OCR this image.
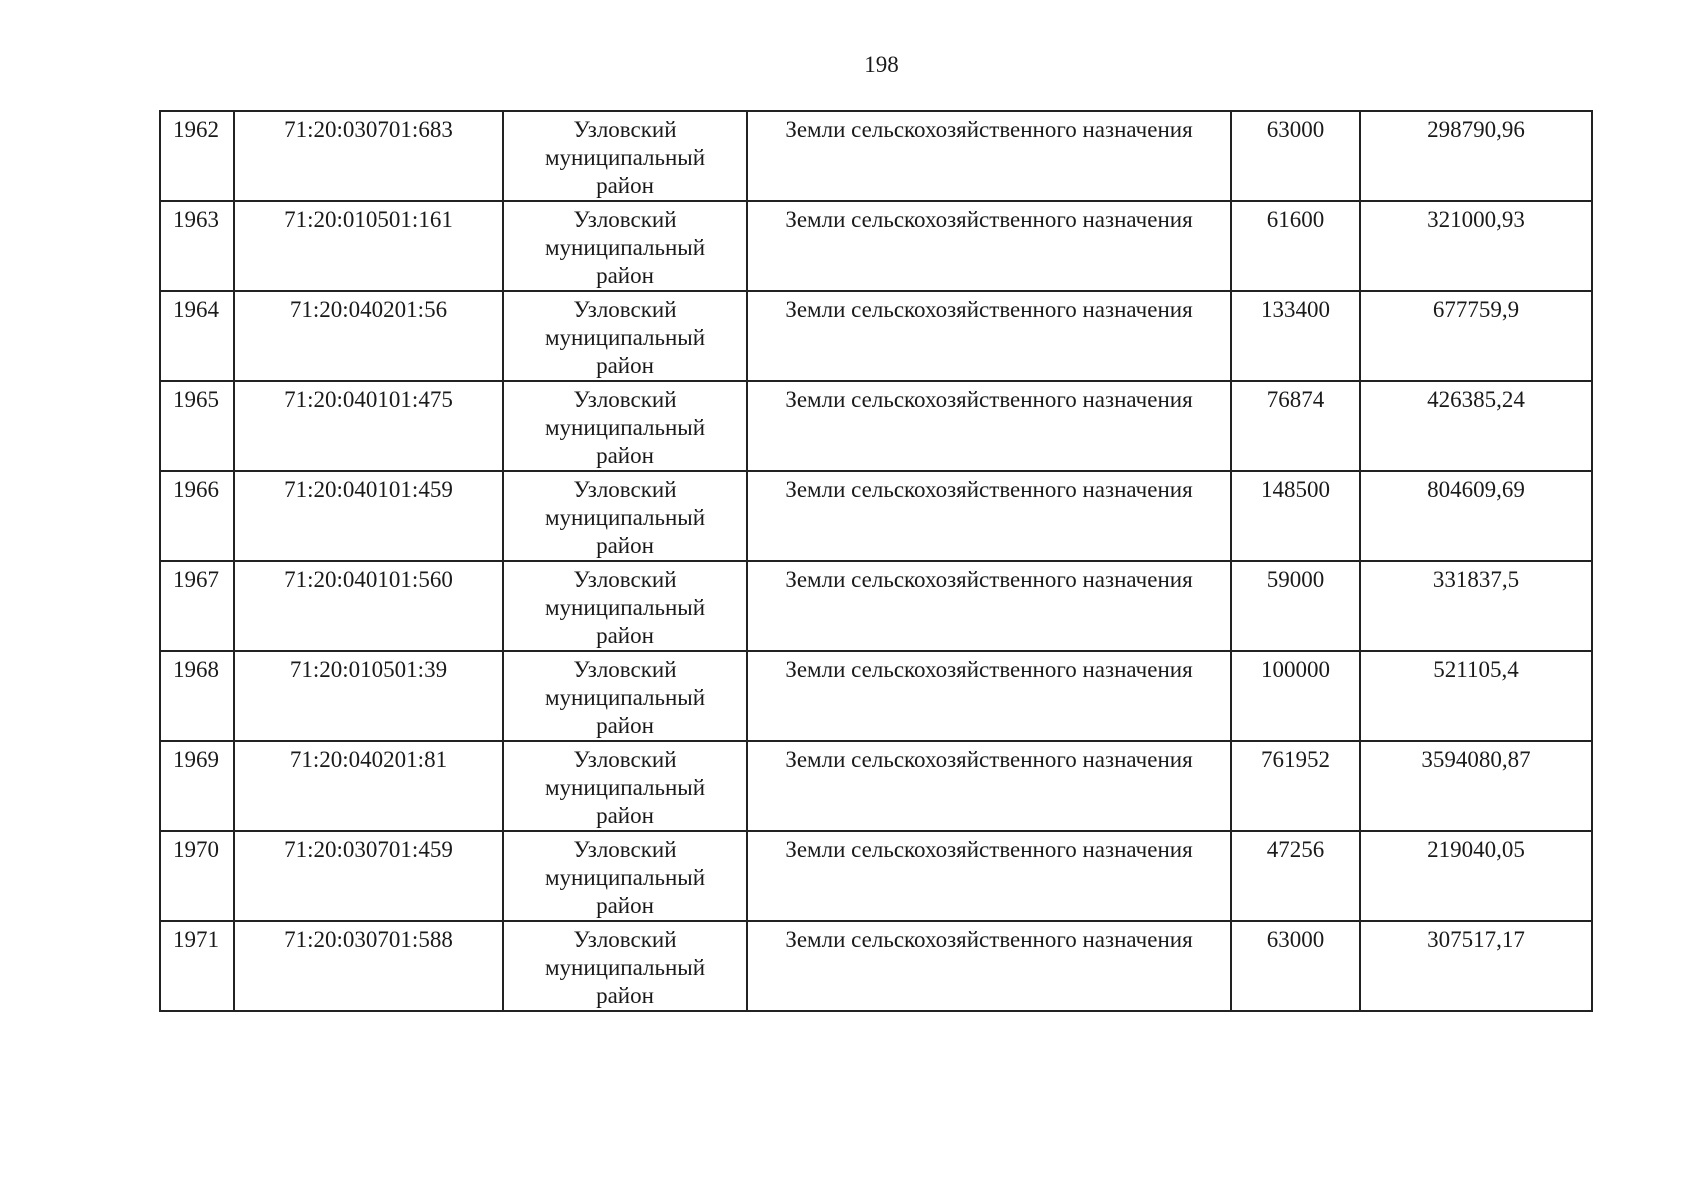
198
1962	71:20:030701:683	Узловский
муниципальный
район	Земли сельскохозяйственного назначения	63000	298790,96
1963	71:20:010501:161	Узловский
муниципальный
район	Земли сельскохозяйственного назначения	61600	321000,93
1964	71:20:040201:56	Узловский
муниципальный
район	Земли сельскохозяйственного назначения	133400	677759,9
1965	71:20:040101:475	Узловский
муниципальный
район	Земли сельскохозяйственного назначения	76874	426385,24
1966	71:20:040101:459	Узловский
муниципальный
район	Земли сельскохозяйственного назначения	148500	804609,69
1967	71:20:040101:560	Узловский
муниципальный
район	Земли сельскохозяйственного назначения	59000	331837,5
1968	71:20:010501:39	Узловский
муниципальный
район	Земли сельскохозяйственного назначения	100000	521105,4
1969	71:20:040201:81	Узловский
муниципальный
район	Земли сельскохозяйственного назначения	761952	3594080,87
1970	71:20:030701:459	Узловский
муниципальный
район	Земли сельскохозяйственного назначения	47256	219040,05
1971	71:20:030701:588	Узловский
муниципальный
район	Земли сельскохозяйственного назначения	63000	307517,17
